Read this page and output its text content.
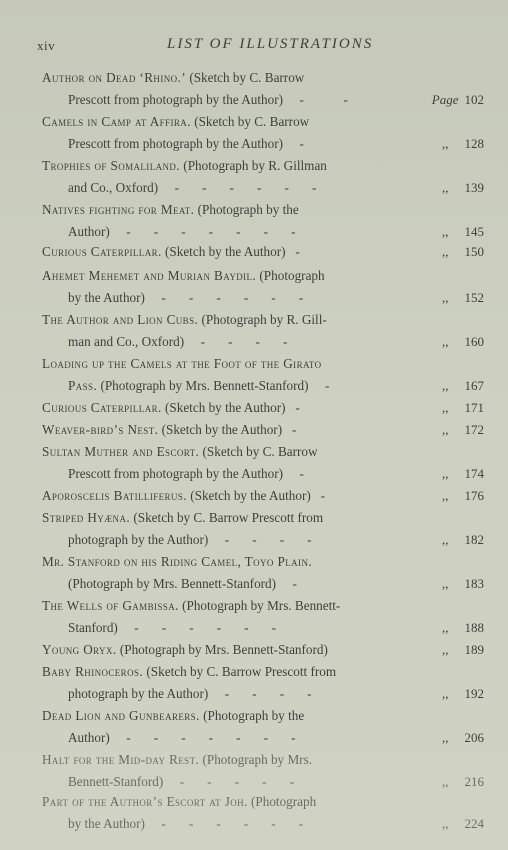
xiv	LIST OF ILLUSTRATIONS
Author on Dead ‘Rhino.’ (Sketch by C. Barrow
Prescott from photograph by the Author)     -            -	Page 102
Camels in Camp at Affira. (Sketch by C. Barrow
Prescott from photograph by the Author)     -	,, 128
Trophies of Somaliland. (Photograph by R. Gillman
and Co., Oxford)     -       -       -       -       -       -	,, 139
Natives fighting for Meat. (Photograph by the
Author)     -       -       -       -       -       -       -	,, 145
Curious Caterpillar. (Sketch by the Author)   -	,, 150
Ahemet Mehemet and Murian Baydil. (Photograph
by the Author)     -       -       -       -       -       -	,, 152
The Author and Lion Cubs. (Photograph by R. Gill-
man and Co., Oxford)     -       -       -       -	,, 160
Loading up the Camels at the Foot of the Girato
Pass. (Photograph by Mrs. Bennett-Stanford)     -	,, 167
Curious Caterpillar. (Sketch by the Author)   -	,, 171
Weaver-bird’s Nest. (Sketch by the Author)   -	,, 172
Sultan Muther and Escort. (Sketch by C. Barrow
Prescott from photograph by the Author)     -	,, 174
Aporoscelis Batilliferus. (Sketch by the Author)   -	,, 176
Striped Hyæna. (Sketch by C. Barrow Prescott from
photograph by the Author)     -       -       -       -	,, 182
Mr. Stanford on his Riding Camel, Toyo Plain.
(Photograph by Mrs. Bennett-Stanford)     -	,, 183
The Wells of Gambissa. (Photograph by Mrs. Bennett-
Stanford)     -       -       -       -       -       -	,, 188
Young Oryx. (Photograph by Mrs. Bennett-Stanford)	,, 189
Baby Rhinoceros. (Sketch by C. Barrow Prescott from
photograph by the Author)     -       -       -       -	,, 192
Dead Lion and Gunbearers. (Photograph by the
Author)     -       -       -       -       -       -       -	,, 206
Halt for the Mid-day Rest. (Photograph by Mrs.
Bennett-Stanford)     -       -       -       -       -	,, 216
Part of the Author’s Escort at Joh. (Photograph
by the Author)     -       -       -       -       -       -	,, 224
